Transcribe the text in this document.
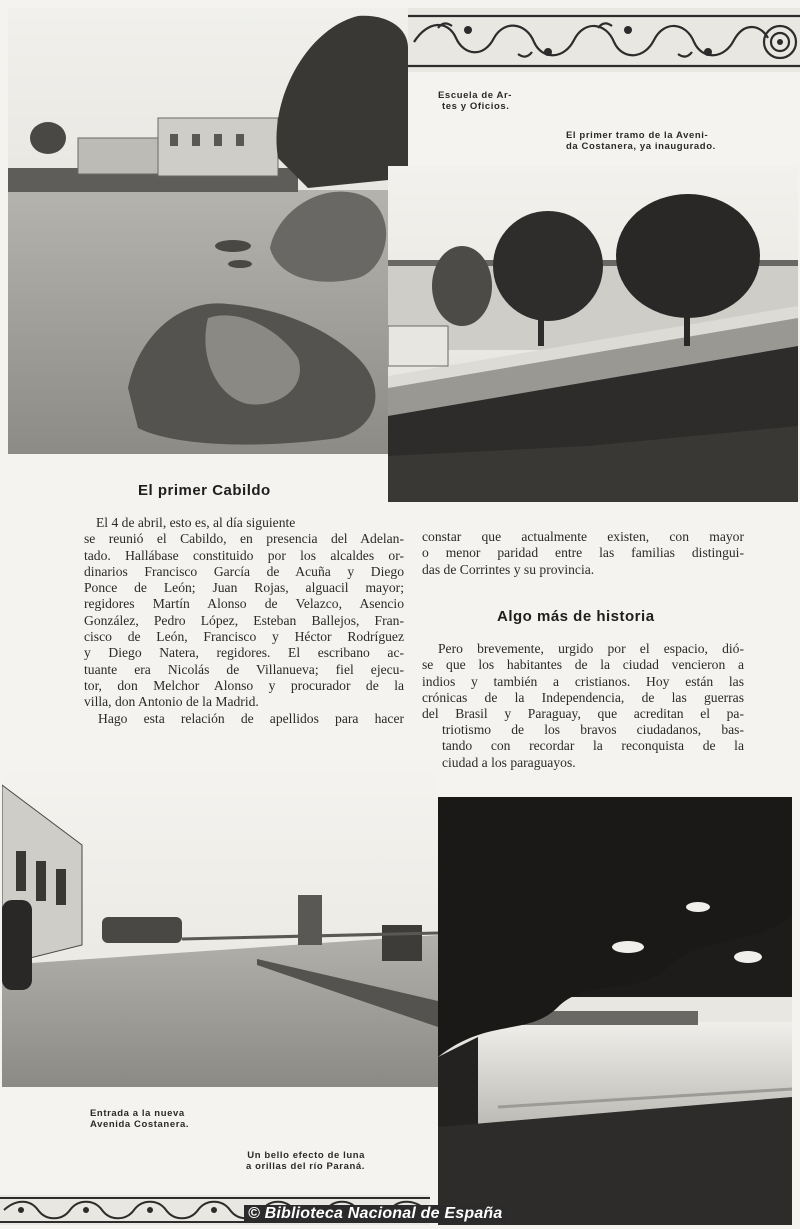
Escuela de Ar-
tes y Oficios.
El primer tramo de la Aveni-
da Costanera, ya inaugurado.
Entrada a la nueva
Avenida Costanera.
Un bello efecto de luna
a orillas del río Paraná.
El primer Cabildo
El 4 de abril, esto es, al día siguiente
se reunió el Cabildo, en presencia del Adelan-
tado. Hallábase constituido por los alcaldes or-
dinarios Francisco García de Acuña y Diego
Ponce de León; Juan Rojas, alguacil mayor;
regidores Martín Alonso de Velazco, Asencio
González, Pedro López, Esteban Ballejos, Fran-
cisco de León, Francisco y Héctor Rodríguez
y Diego Natera, regidores. El escribano ac-
tuante era Nicolás de Villanueva; fiel ejecu-
tor, don Melchor Alonso y procurador de la
villa, don Antonio de la Madrid.
Hago esta relación de apellidos para hacer
constar que actualmente existen, con mayor
o menor paridad entre las familias distingui-
das de Corrintes y su provincia.
Algo más de historia
Pero brevemente, urgido por el espacio, dió-
se que los habitantes de la ciudad vencieron a
indios y también a cristianos. Hoy están las
crónicas de la Independencia, de las guerras
del Brasil y Paraguay, que acreditan el pa-
triotismo de los bravos ciudadanos, bas-
tando con recordar la reconquista de la
ciudad a los paraguayos.
© Biblioteca Nacional de España
